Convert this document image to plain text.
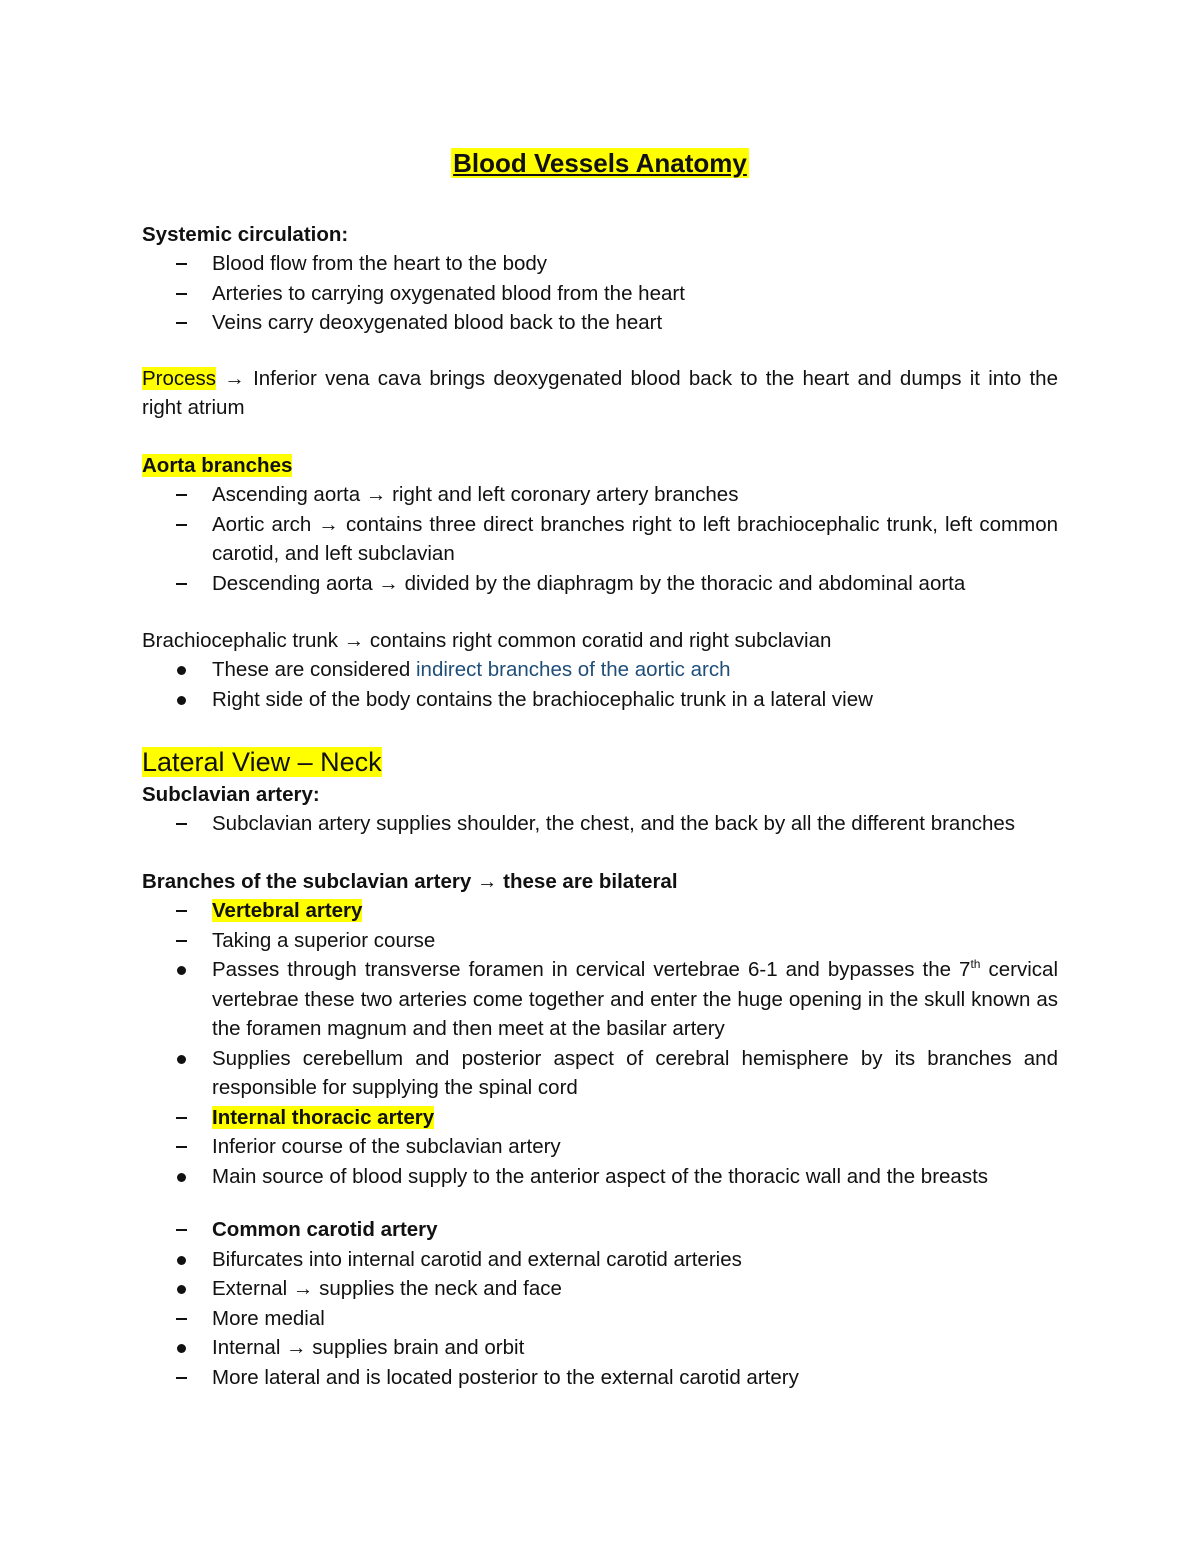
Blood Vessels Anatomy
Systemic circulation:
Blood flow from the heart to the body
Arteries to carrying oxygenated blood from the heart
Veins carry deoxygenated blood back to the heart
Process → Inferior vena cava brings deoxygenated blood back to the heart and dumps it into the right atrium
Aorta branches
Ascending aorta → right and left coronary artery branches
Aortic arch → contains three direct branches right to left brachiocephalic trunk, left common carotid, and left subclavian
Descending aorta → divided by the diaphragm by the thoracic and abdominal aorta
Brachiocephalic trunk → contains right common coratid and right subclavian
These are considered indirect branches of the aortic arch
Right side of the body contains the brachiocephalic trunk in a lateral view
Lateral View – Neck
Subclavian artery:
Subclavian artery supplies shoulder, the chest, and the back by all the different branches
Branches of the subclavian artery → these are bilateral
Vertebral artery
Taking a superior course
Passes through transverse foramen in cervical vertebrae 6-1 and bypasses the 7th cervical vertebrae these two arteries come together and enter the huge opening in the skull known as the foramen magnum and then meet at the basilar artery
Supplies cerebellum and posterior aspect of cerebral hemisphere by its branches and responsible for supplying the spinal cord
Internal thoracic artery
Inferior course of the subclavian artery
Main source of blood supply to the anterior aspect of the thoracic wall and the breasts
Common carotid artery
Bifurcates into internal carotid and external carotid arteries
External → supplies the neck and face
More medial
Internal → supplies brain and orbit
More lateral and is located posterior to the external carotid artery
